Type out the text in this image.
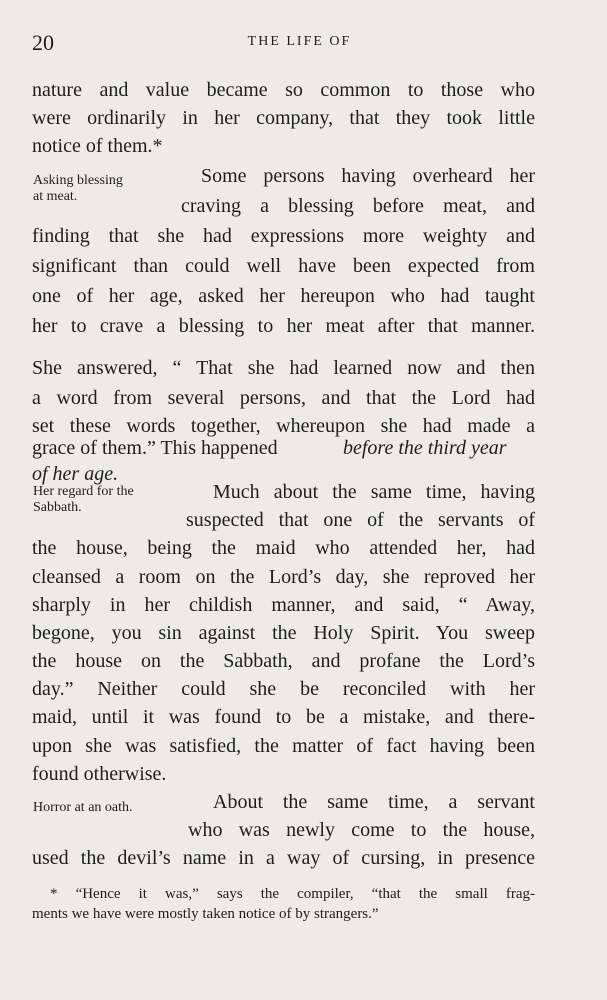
20	THE LIFE OF
Asking blessing
at meat.
Her regard for the
Sabbath.
Horror at an oath.
nature and value became so common to those who
were ordinarily in her company, that they took little
notice of them.*
Some persons having overheard her
craving a blessing before meat, and
finding that she had expressions more weighty and
significant than could well have been expected from
one of her age, asked her hereupon who had taught
her to crave a blessing to her meat after that manner.
She answered, “ That she had learned now and then
a word from several persons, and that the Lord had
set these words together, whereupon she had made a
grace of them.” This happened	before the third year
of her age.
Much about the same time, having
suspected that one of the servants of
the house, being the maid who attended her, had
cleansed a room on the Lord’s day, she reproved her
sharply in her childish manner, and said, “ Away,
begone, you sin against the Holy Spirit. You sweep
the house on the Sabbath, and profane the Lord’s
day.” Neither could she be reconciled with her
maid, until it was found to be a mistake, and there-
upon she was satisfied, the matter of fact having been
found otherwise.
About the same time, a servant
who was newly come to the house,
used the devil’s name in a way of cursing, in presence
* “Hence it was,” says the compiler, “that the small frag-
ments we have were mostly taken notice of by strangers.”
